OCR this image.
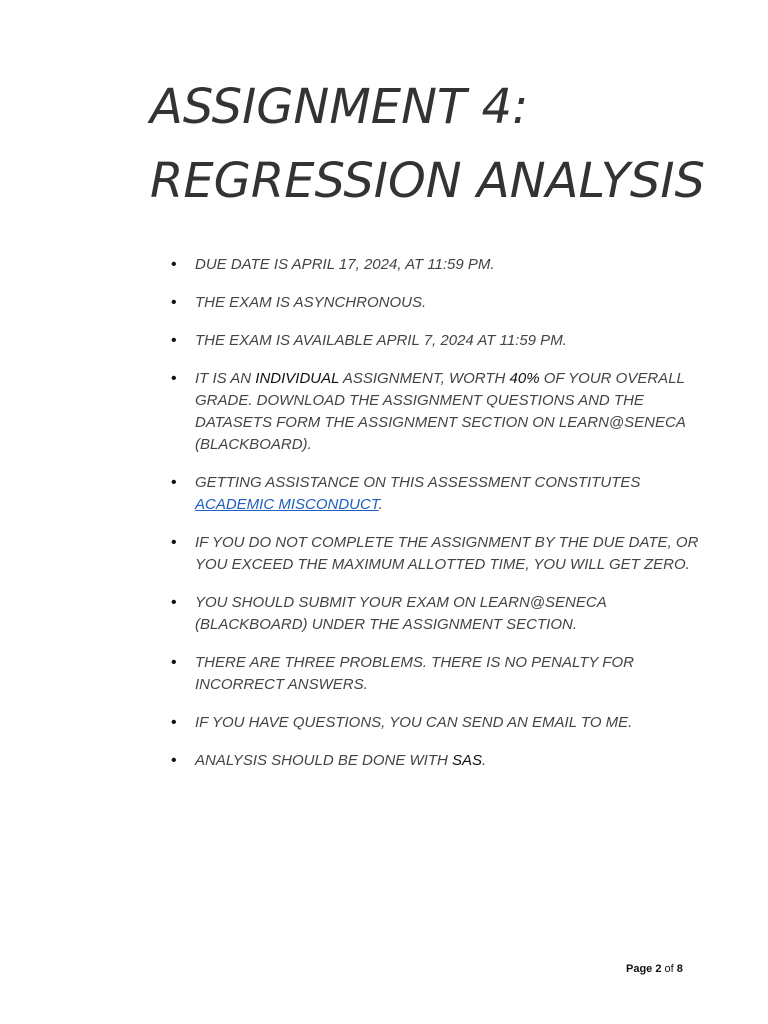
ASSIGNMENT 4:
REGRESSION ANALYSIS
• DUE DATE IS APRIL 17, 2024, AT 11:59 PM.
• THE EXAM IS ASYNCHRONOUS.
• THE EXAM IS AVAILABLE APRIL 7, 2024 AT 11:59 PM.
• IT IS AN INDIVIDUAL ASSIGNMENT, WORTH 40% OF YOUR OVERALL GRADE. DOWNLOAD THE ASSIGNMENT QUESTIONS AND THE DATASETS FORM THE ASSIGNMENT SECTION ON LEARN@SENECA (BLACKBOARD).
• GETTING ASSISTANCE ON THIS ASSESSMENT CONSTITUTES ACADEMIC MISCONDUCT.
• IF YOU DO NOT COMPLETE THE ASSIGNMENT BY THE DUE DATE, OR YOU EXCEED THE MAXIMUM ALLOTTED TIME, YOU WILL GET ZERO.
• YOU SHOULD SUBMIT YOUR EXAM ON LEARN@SENECA (BLACKBOARD) UNDER THE ASSIGNMENT SECTION.
• THERE ARE THREE PROBLEMS. THERE IS NO PENALTY FOR INCORRECT ANSWERS.
• IF YOU HAVE QUESTIONS, YOU CAN SEND AN EMAIL TO ME.
• ANALYSIS SHOULD BE DONE WITH SAS.
Page 2 of 8
